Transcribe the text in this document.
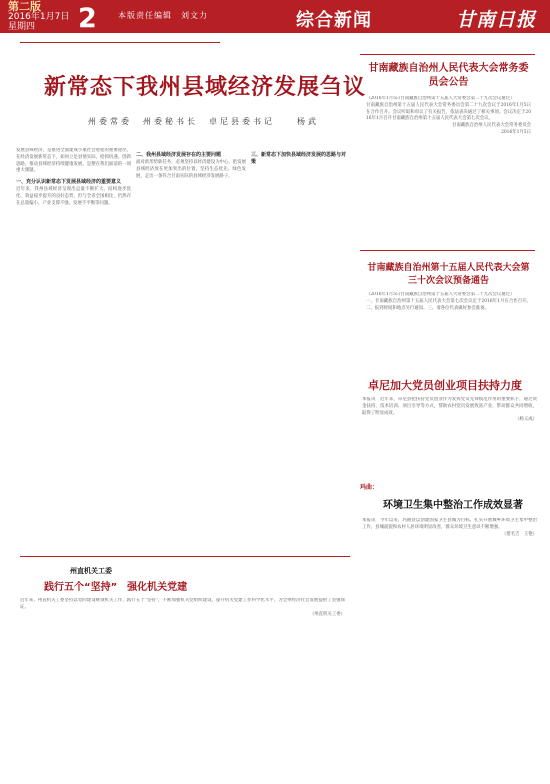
第二版
2016年1月7日
星期四	2	本版责任编辑　刘文力	综合新闻	甘南日报
新常态下我州县域经济发展刍议
州委常委　州委秘书长　卓尼县委书记　　杨武

发展县域经济，是推进全面建成小康社会进程的重要途径。在经济发展新常态下，如何立足县情实际，抢抓机遇，创新思路，推动县域经济持续健康发展，是摆在我们面前的一项重大课题。

一、充分认识新常态下发展县域经济的重要意义

近年来，我州县域经济呈现出总量不断扩大、结构逐步优化、效益稳步提升的良好态势，但与全省全国相比，仍然存在总量偏小、产业支撑不强、发展不平衡等问题。

二、我州县域经济发展存在的主要问题

面对新形势新任务，必须坚持以经济建设为中心，把发展县域经济放在更加突出的位置，坚持生态优先、绿色发展，走出一条符合甘南实际的县域经济发展路子。

三、新常态下加快县域经济发展的思路与对策
甘南藏族自治州人民代表大会常务委员会公告

（2016年1月5日甘南藏族自治州第十五届人大常委会第二十九次会议通过）

甘南藏族自治州第十五届人民代表大会常务委员会第二十九次会议于2016年1月5日在合作召开。会议听取和审议了有关报告，依法表决通过了相关事项。会议决定于2016年1月召开甘南藏族自治州第十五届人民代表大会第七次会议。

甘南藏族自治州人民代表大会常务委员会

2016年1月5日

甘南藏族自治州第十五届人民代表大会第三十次会议预备通告

（2016年1月5日甘南藏族自治州第十五届人大常委会第二十九次会议通过）

一、甘南藏族自治州第十五届人民代表大会第七次会议定于2016年1月在合作召开。二、报到时间和地点另行通知。三、请各位代表做好参会准备。

卓尼加大党员创业项目扶持力度

本报讯　近年来，卓尼县把扶持党员创业作为发挥党员先锋模范作用的重要抓手，通过资金扶持、技术培训、项目引导等方式，帮助农村党员发展致富产业，带动群众共同增收，取得了明显成效。

（杨义成）

玛曲：
环境卫生集中整治工作成效显著

本报讯　今年以来，玛曲县以创建国家卫生县城为目标，扎实开展城乡环境卫生集中整治工作，县城面貌和农村人居环境明显改善，群众环境卫生意识不断增强。

（措毛吉　王艳）

州直机关工委
践行五个“坚持”　强化机关党建

近年来，州直机关工委坚持以党的建设统领机关工作，践行五个“坚持”，不断加强机关党组织建设，提升机关党建工作科学化水平，为全州经济社会发展提供了坚强保证。

（州直机关工委）
